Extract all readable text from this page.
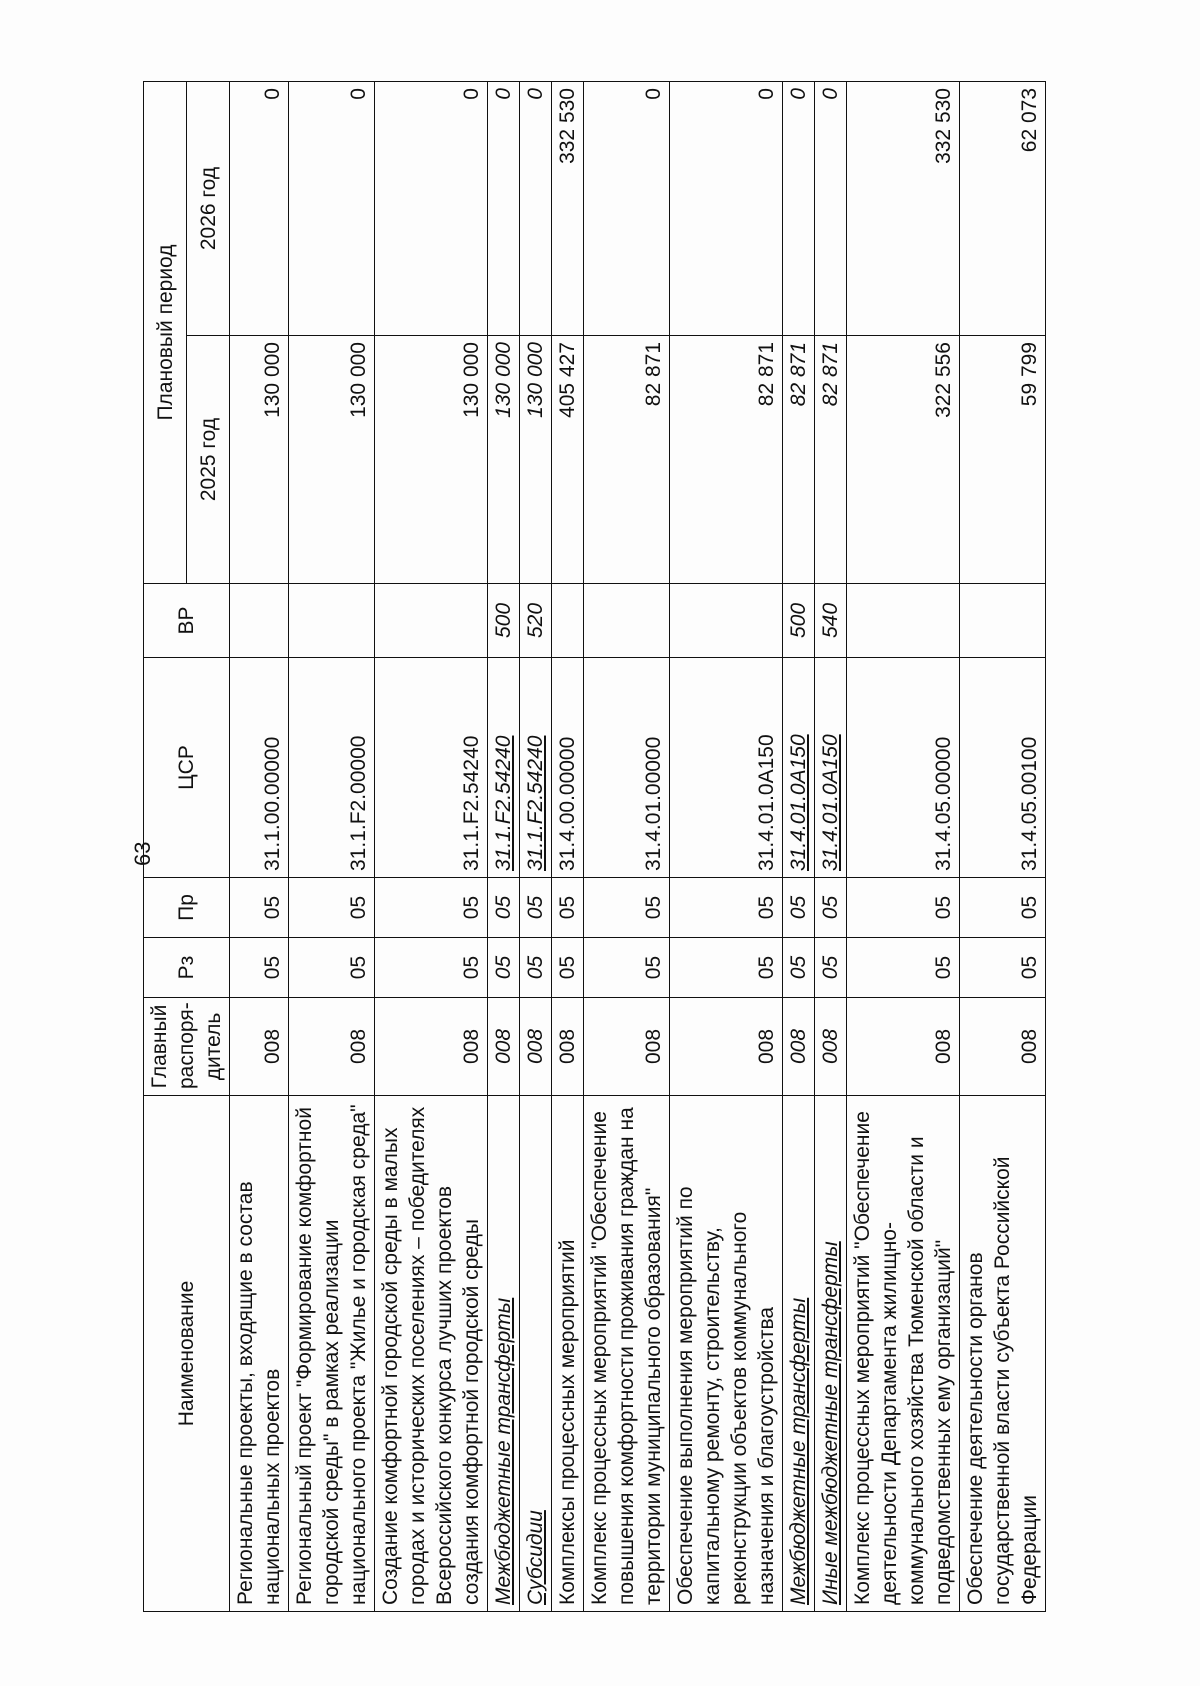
63
Наименование	Главный распоря-дитель	Рз	Пр	ЦСР	ВР	Плановый период	
						2025 год	2026 год
Региональные проекты, входящие в состав национальных проектов	008	05	05	31.1.00.00000		130 000	0
Региональный проект "Формирование комфортной городской среды" в рамках реализации национального проекта "Жилье и городская среда"	008	05	05	31.1.F2.00000		130 000	0
Создание комфортной городской среды в малых городах и исторических поселениях – победителях Всероссийского конкурса лучших проектов создания комфортной городской среды	008	05	05	31.1.F2.54240		130 000	0
Межбюджетные трансферты	008	05	05	31.1.F2.54240	500	130 000	0
Субсидии	008	05	05	31.1.F2.54240	520	130 000	0
Комплексы процессных мероприятий	008	05	05	31.4.00.00000		405 427	332 530
Комплекс процессных мероприятий "Обеспечение повышения комфортности проживания граждан на территории муниципального образования"	008	05	05	31.4.01.00000		82 871	0
Обеспечение выполнения мероприятий по капитальному ремонту, строительству, реконструкции объектов коммунального назначения и благоустройства	008	05	05	31.4.01.0А150		82 871	0
Межбюджетные трансферты	008	05	05	31.4.01.0А150	500	82 871	0
Иные межбюджетные трансферты	008	05	05	31.4.01.0А150	540	82 871	0
Комплекс процессных мероприятий "Обеспечение деятельности Департамента жилищно-коммунального хозяйства Тюменской области и подведомственных ему организаций"	008	05	05	31.4.05.00000		322 556	332 530
Обеспечение деятельности органов государственной власти субъекта Российской Федерации	008	05	05	31.4.05.00100		59 799	62 073
